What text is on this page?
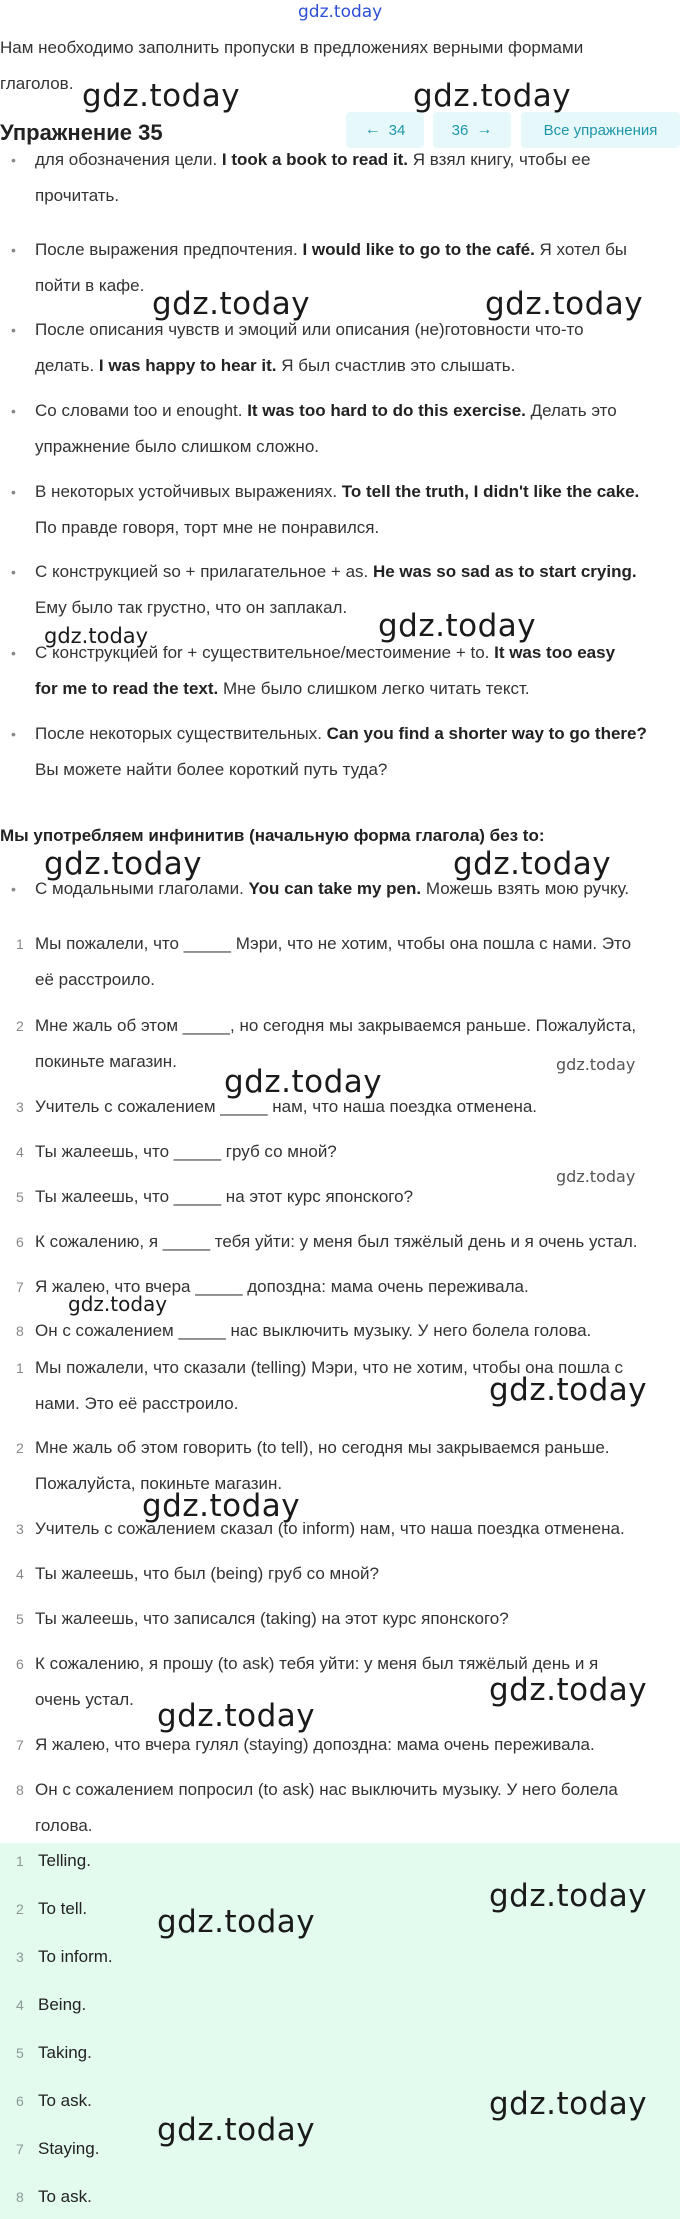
gdz.today
gdz.today	gdz.today
gdz.today	gdz.today
gdz.today	gdz.today
gdz.today	gdz.today
gdz.today
gdz.today
gdz.today
gdz.today
gdz.today
gdz.today
gdz.today
gdz.today
gdz.today
gdz.today
gdz.today
gdz.today
Нам необходимо заполнить пропуски в предложениях верными формами
глаголов.
Упражнение 35	← 34	36 →	Все упражнения
• для обозначения цели. I took a book to read it. Я взял книгу, чтобы ее
прочитать.
• После выражения предпочтения. I would like to go to the café. Я хотел бы
пойти в кафе.
• После описания чувств и эмоций или описания (не)готовности что-то
делать. I was happy to hear it. Я был счастлив это слышать.
• Со словами too и enought. It was too hard to do this exercise. Делать это
упражнение было слишком сложно.
• В некоторых устойчивых выражениях. To tell the truth, I didn't like the cake.
По правде говоря, торт мне не понравился.
• С конструкцией so + прилагательное + as. He was so sad as to start crying.
Ему было так грустно, что он заплакал.
• С конструкцией for + существительное/местоимение + to. It was too easy
for me to read the text. Мне было слишком легко читать текст.
• После некоторых существительных. Can you find a shorter way to go there?
Вы можете найти более короткий путь туда?
Мы употребляем инфинитив (начальную форма глагола) без to:
• С модальными глаголами. You can take my pen. Можешь взять мою ручку.
1 Мы пожалели, что _____ Мэри, что не хотим, чтобы она пошла с нами. Это
её расстроило.
2 Мне жаль об этом _____, но сегодня мы закрываемся раньше. Пожалуйста,
покиньте магазин.
3 Учитель с сожалением _____ нам, что наша поездка отменена.
4 Ты жалеешь, что _____ груб со мной?
5 Ты жалеешь, что _____ на этот курс японского?
6 К сожалению, я _____ тебя уйти: у меня был тяжёлый день и я очень устал.
7 Я жалею, что вчера _____ допоздна: мама очень переживала.
8 Он с сожалением _____ нас выключить музыку. У него болела голова.
1 Мы пожалели, что сказали (telling) Мэри, что не хотим, чтобы она пошла с
нами. Это её расстроило.
2 Мне жаль об этом говорить (to tell), но сегодня мы закрываемся раньше.
Пожалуйста, покиньте магазин.
3 Учитель с сожалением сказал (to inform) нам, что наша поездка отменена.
4 Ты жалеешь, что был (being) груб со мной?
5 Ты жалеешь, что записался (taking) на этот курс японского?
6 К сожалению, я прошу (to ask) тебя уйти: у меня был тяжёлый день и я
очень устал.
7 Я жалею, что вчера гулял (staying) допоздна: мама очень переживала.
8 Он с сожалением попросил (to ask) нас выключить музыку. У него болела
голова.
1 Telling.
2 To tell.
3 To inform.
4 Being.
5 Taking.
6 To ask.
7 Staying.
8 To ask.
